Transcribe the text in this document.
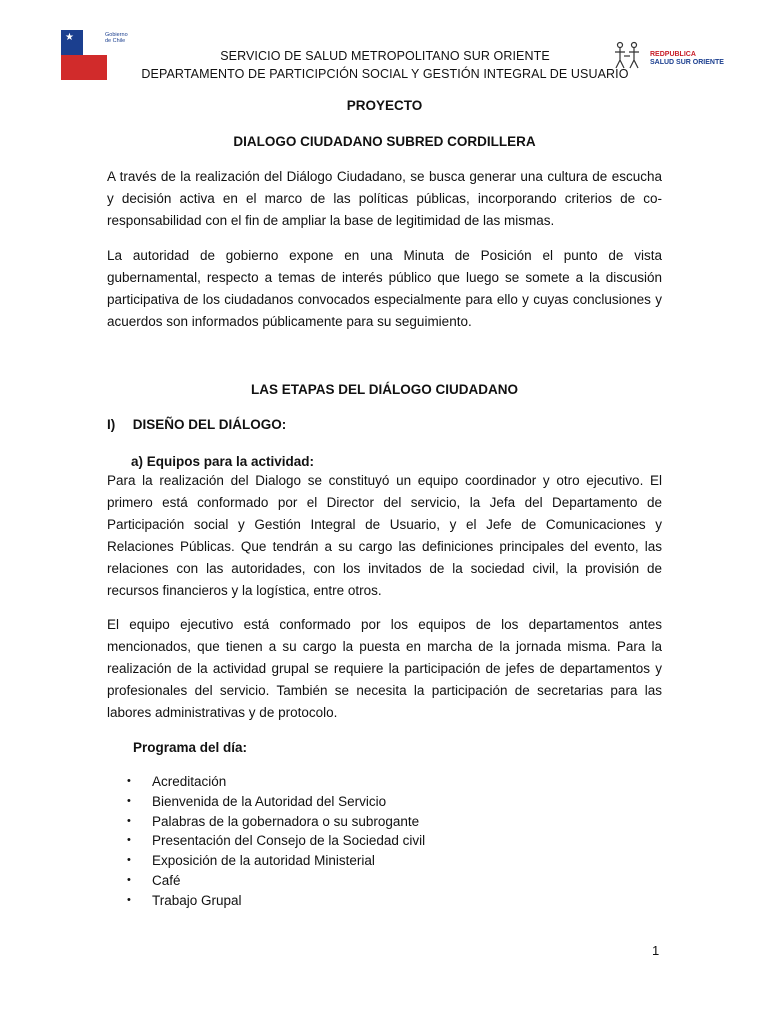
★	Gobierno
de Chile
SERVICIO DE SALUD METROPOLITANO SUR ORIENTE
DEPARTAMENTO DE PARTICIPCIÓN SOCIAL Y GESTIÓN INTEGRAL DE USUARIO
REDPUBLICA
SALUD SUR ORIENTE
PROYECTO
DIALOGO CIUDADANO SUBRED CORDILLERA

A través de la realización del Diálogo Ciudadano, se busca generar una cultura de escucha y decisión activa en el marco de las políticas públicas, incorporando criterios de co-responsabilidad con el fin de ampliar la base de legitimidad de las mismas.

La autoridad de gobierno expone en una Minuta de Posición el punto de vista gubernamental, respecto a temas de interés público que luego se somete a la discusión participativa de los ciudadanos convocados especialmente para ello y cuyas conclusiones y acuerdos son informados públicamente para su seguimiento.

LAS ETAPAS DEL DIÁLOGO CIUDADANO
I) DISEÑO DEL DIÁLOGO:
a) Equipos para la actividad:

Para la realización del Dialogo se constituyó un equipo coordinador y otro ejecutivo. El primero está conformado por el Director del servicio, la Jefa del Departamento de Participación social y Gestión Integral de Usuario, y el Jefe de Comunicaciones y Relaciones Públicas. Que tendrán a su cargo las definiciones principales del evento, las relaciones con las autoridades, con los invitados de la sociedad civil, la provisión de recursos financieros y la logística, entre otros.

El equipo ejecutivo está conformado por los equipos de los departamentos antes mencionados, que tienen a su cargo la puesta en marcha de la jornada misma. Para la realización de la actividad grupal se requiere la participación de jefes de departamentos y profesionales del servicio. También se necesita la participación de secretarias para las labores administrativas y de protocolo.

Programa del día:
•	Acreditación
•	Bienvenida de la Autoridad del Servicio
•	Palabras de la gobernadora o su subrogante
•	Presentación del Consejo de la Sociedad civil
•	Exposición de la autoridad Ministerial
•	Café
•	Trabajo Grupal
1
